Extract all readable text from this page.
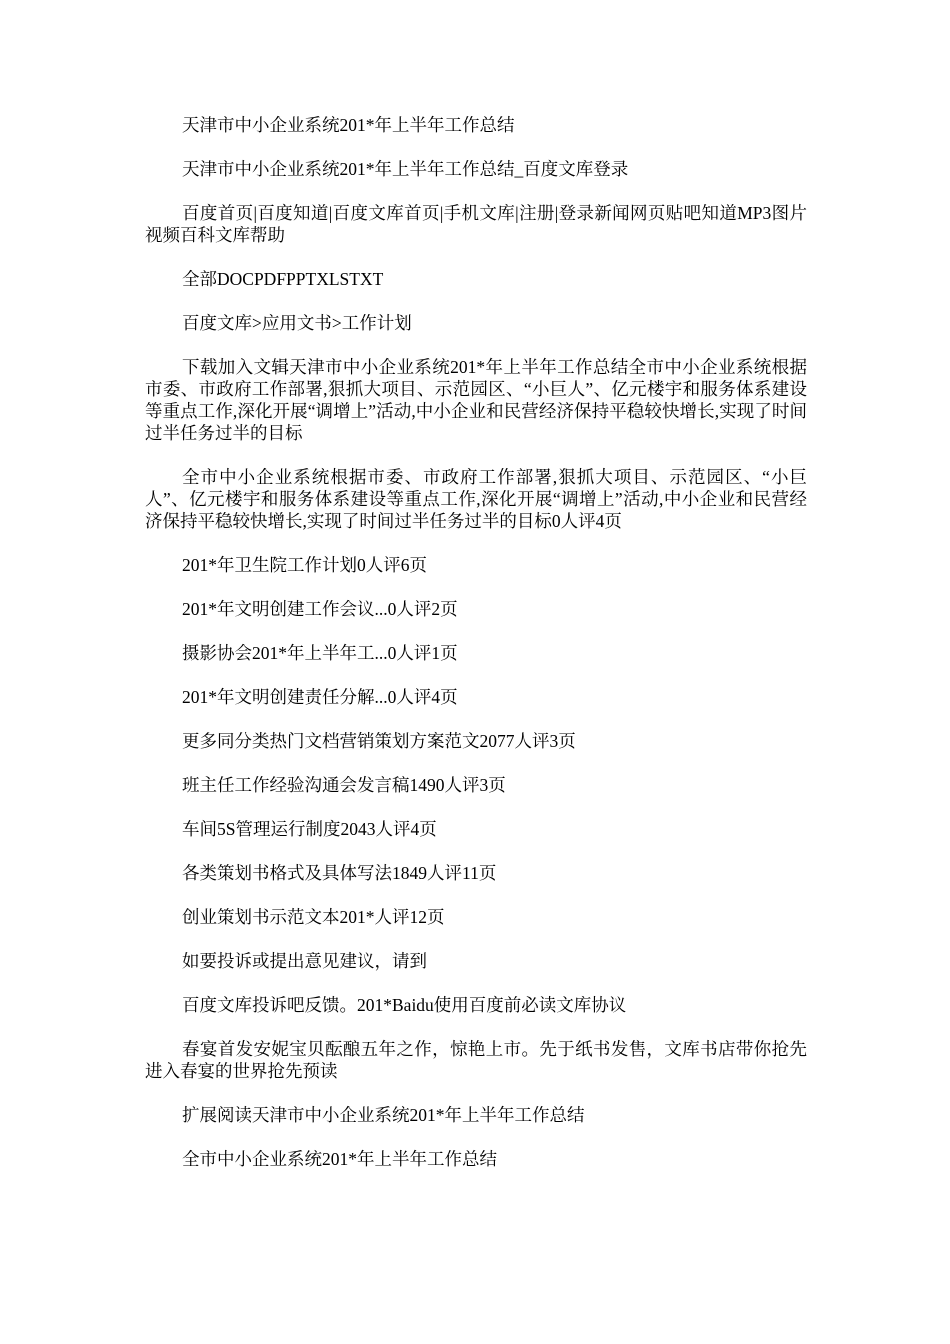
天津市中小企业系统201*年上半年工作总结

天津市中小企业系统201*年上半年工作总结_百度文库登录

百度首页|百度知道|百度文库首页|手机文库|注册|登录新闻网页贴吧知道MP3图片视频百科文库帮助

全部DOCPDFPPTXLSTXT

百度文库>应用文书>工作计划

下载加入文辑天津市中小企业系统201*年上半年工作总结全市中小企业系统根据市委、市政府工作部署,狠抓大项目、示范园区、“小巨人”、亿元楼宇和服务体系建设等重点工作,深化开展“调增上”活动,中小企业和民营经济保持平稳较快增长,实现了时间过半任务过半的目标

全市中小企业系统根据市委、市政府工作部署,狠抓大项目、示范园区、“小巨人”、亿元楼宇和服务体系建设等重点工作,深化开展“调增上”活动,中小企业和民营经济保持平稳较快增长,实现了时间过半任务过半的目标0人评4页

201*年卫生院工作计划0人评6页

201*年文明创建工作会议...0人评2页

摄影协会201*年上半年工...0人评1页

201*年文明创建责任分解...0人评4页

更多同分类热门文档营销策划方案范文2077人评3页

班主任工作经验沟通会发言稿1490人评3页

车间5S管理运行制度2043人评4页

各类策划书格式及具体写法1849人评11页

创业策划书示范文本201*人评12页

如要投诉或提出意见建议，请到

百度文库投诉吧反馈。201*Baidu使用百度前必读文库协议

春宴首发安妮宝贝酝酿五年之作，惊艳上市。先于纸书发售，文库书店带你抢先进入春宴的世界抢先预读

扩展阅读天津市中小企业系统201*年上半年工作总结

全市中小企业系统201*年上半年工作总结
